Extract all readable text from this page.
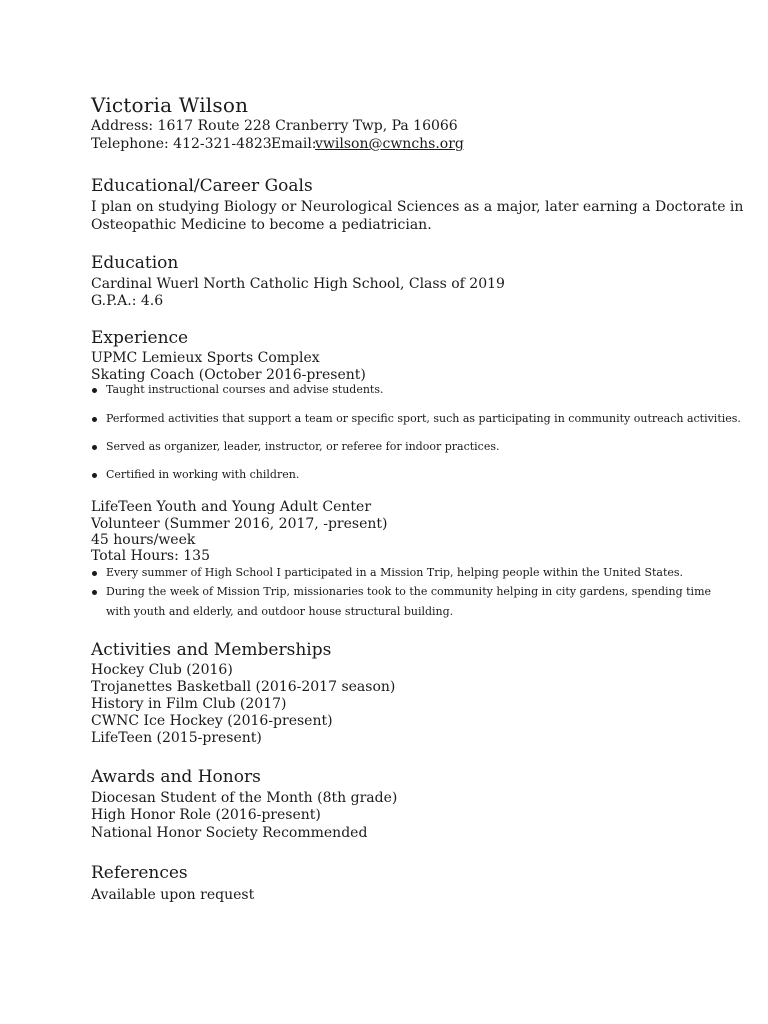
Victoria Wilson
Address: 1617 Route 228 Cranberry Twp, Pa 16066
Telephone: 412-321-4823 Email:
vwilson@cwnchs.org
Educational/Career Goals
I plan on studying Biology or Neurological Sciences as a major, later earning a Doctorate in
Osteopathic Medicine to become a pediatrician.
Education
Cardinal Wuerl North Catholic High School, Class of 2019
G.P.A.: 4.6
Experience
UPMC Lemieux Sports Complex
Skating Coach (October 2016-present)
Taught instructional courses and advise students.
Performed activities that support a team or specific sport, such as participating in community outreach activities.
Served as organizer, leader, instructor, or referee for indoor practices.
Certified in working with children.
LifeTeen Youth and Young Adult Center
Volunteer (Summer 2016, 2017, -present)
45 hours/week
Total Hours: 135
Every summer of High School I participated in a Mission Trip, helping people within the United States.
During the week of Mission Trip, missionaries took to the community helping in city gardens, spending time
with youth and elderly, and outdoor house structural building.
Activities and Memberships
Hockey Club (2016)
Trojanettes Basketball (2016-2017 season)
History in Film Club (2017)
CWNC Ice Hockey (2016-present)
LifeTeen (2015-present)
Awards and Honors
Diocesan Student of the Month (8th grade)
High Honor Role (2016-present)
National Honor Society Recommended
References
Available upon request
